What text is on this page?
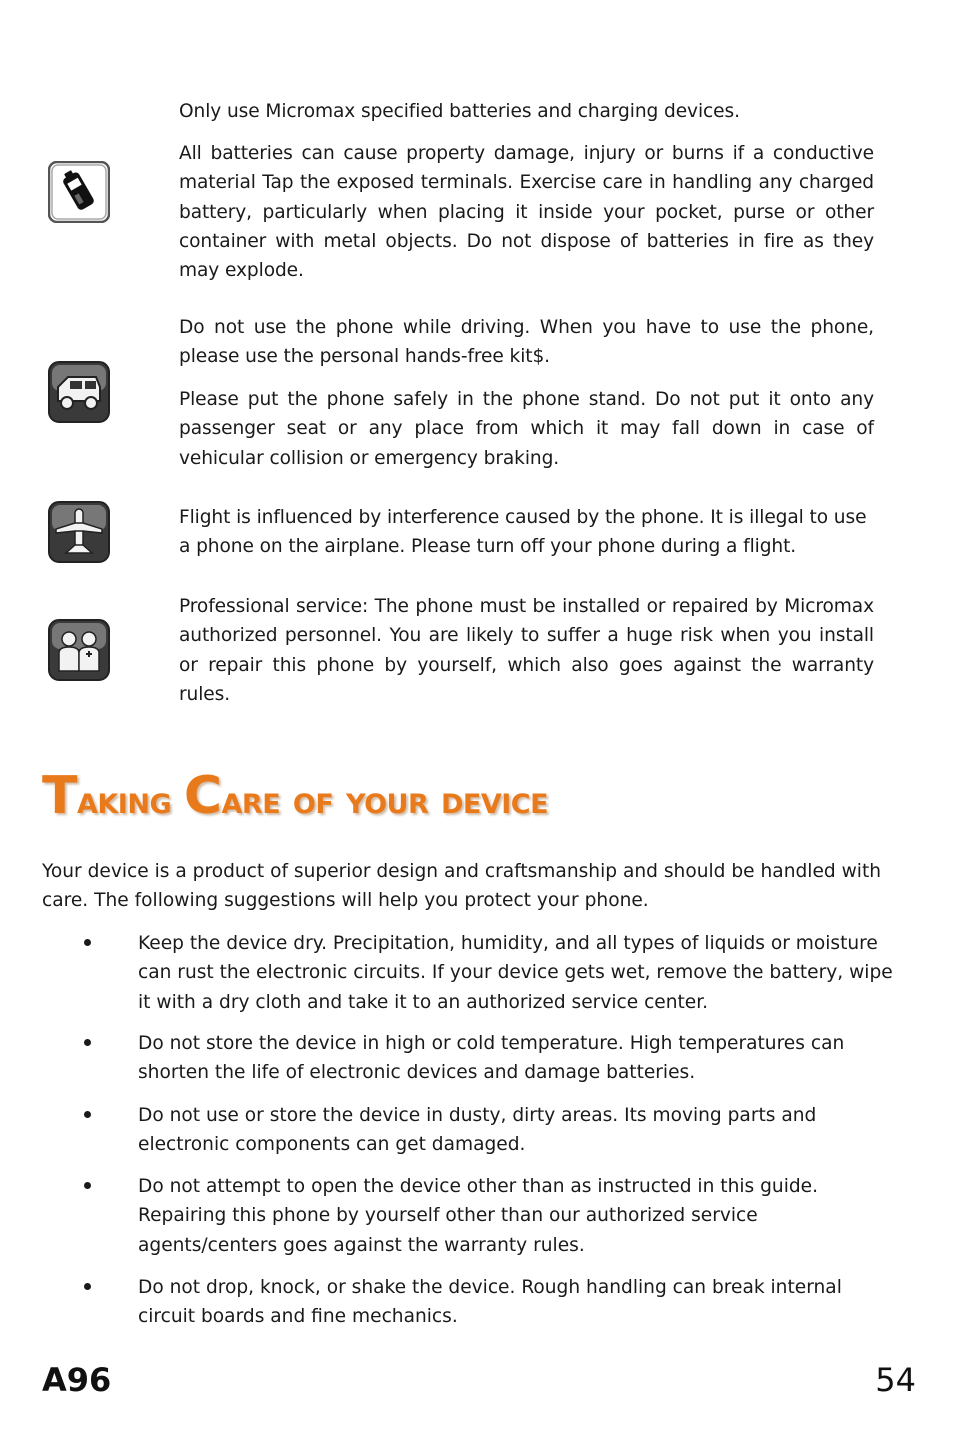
Only use Micromax specified batteries and charging devices.

All batteries can cause property damage, injury or burns if a conductive material Tap the exposed terminals. Exercise care in handling any charged battery, particularly when placing it inside your pocket, purse or other container with metal objects. Do not dispose of batteries in fire as they may explode.

Do not use the phone while driving. When you have to use the phone, please use the personal hands-free kit$.

Please put the phone safely in the phone stand. Do not put it onto any passenger seat or any place from which it may fall down in case of vehicular collision or emergency braking.

Flight is influenced by interference caused by the phone. It is illegal to use a phone on the airplane. Please turn off your phone during a flight.

Professional service: The phone must be installed or repaired by Micromax authorized personnel. You are likely to suffer a huge risk when you install or repair this phone by yourself, which also goes against the warranty rules.

Taking Care of your device

Your device is a product of superior design and craftsmanship and should be handled with care. The following suggestions will help you protect your phone.

Keep the device dry. Precipitation, humidity, and all types of liquids or moisture can rust the electronic circuits. If your device gets wet, remove the battery, wipe it with a dry cloth and take it to an authorized service center.

Do not store the device in high or cold temperature. High temperatures can shorten the life of electronic devices and damage batteries.

Do not use or store the device in dusty, dirty areas. Its moving parts and electronic components can get damaged.

Do not attempt to open the device other than as instructed in this guide. Repairing this phone by yourself other than our authorized service agents/centers goes against the warranty rules.

Do not drop, knock, or shake the device. Rough handling can break internal circuit boards and fine mechanics.

A96	54
